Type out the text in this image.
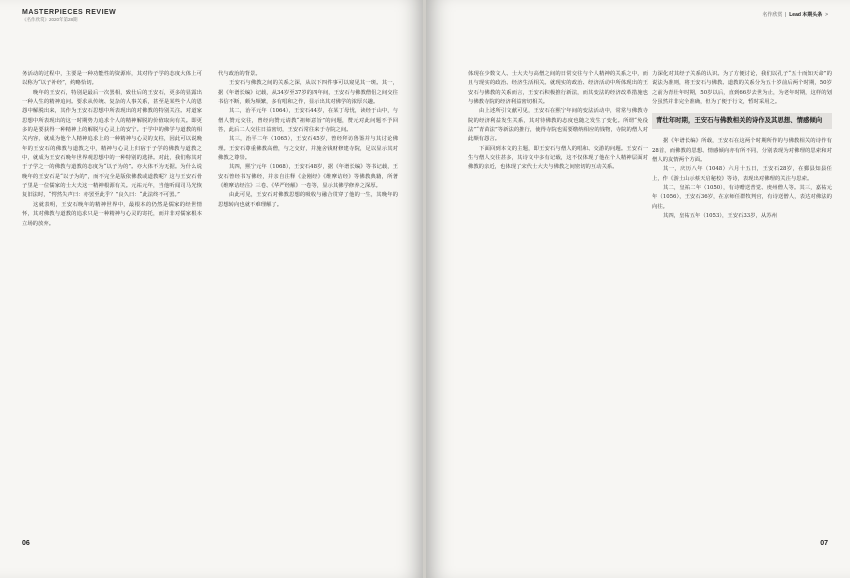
MASTERPIECES REVIEW
《名作欣赏》2020年第28期

务活动的过程中，主要是一种功能性的资源库，其对待子学的态度大体上可以称为“以子补经”，约略恰切。

晚年的王安石，特别是最后一次罢相，致仕后的王安石，更多的显露出一种人生的精神追问。要求从传统、复杂的人事关系，甚至是某些个人的恩怨中解脱出来，其作为王安石思想中所表现出的对佛教的特别关注。对道家思想中所表现出的这一时期势力追求个人的精神解脱的价值取向有关。即更多的是要获得一种精神上的解脱与心灵上的安宁。于学中的佛学与道教的相关内容，就成为他个人精神追求上的一种精神与心灵的支柱，因此可以说晚年的王安石的佛教与道教之中，精神与心灵上归宿于子学的佛教与道教之中，就成为王安石晚年世界观思想中的一种特别的选择。对此，我们称其对于子学之一的佛教与道教的态度为“以子为的”。亦大体不为无据。为什么说晚年的王安石是“以子为的”，而不完全是版依佛教或道教呢？这与王安石骨子里是一位儒家的士大夫这一精神根源有关。元祐元年，当他听闻司马光恢复旧法时，“愕然失声曰：亦罢至此乎？”良久曰：“此法终不可罢。”

这就表明，王安石晚年的精神世界中，最根本的仍然是儒家的经世情怀，其对佛教与道教的追求只是一种精神与心灵的寄托，而并非对儒家根本立场的放弃。

代与政治的背景。

王安石与佛教之间的关系之深，从以下四件事可以窥见其一斑。其一，据《年谱长编》记载，从34岁至37岁的四年间，王安石与佛教僧侣之间交往书信不断，颇为频繁，多有唱和之作，显示出其对佛学的浓厚兴趣。

其二，治平元年（1064），王安石44岁，在某丁母忧，读经于山中，与僧人赞元交往，曾经向赞元请教“祖师意旨”的问题，赞元对此问题不予回答，此后二人交往日益密切，王安石常往来于寺院之间。

其三，治平二年（1065），王安石45岁，曾经拜访鲁鉴并与其讨论佛理。王安石尊重佛教高僧，与之交好，并施舍钱财修建寺院，足以显示其对佛教之尊崇。

其四，熙宁元年（1068），王安石48岁，据《年谱长编》等书记载，王安石曾经书写佛经，并亲自注释《金刚经》《维摩诘经》等佛教典籍，所著《维摩诘经注》三卷、《华严经解》一卷等，显示其佛学修养之深厚。

由此可见，王安石对佛教思想的吸收与融合贯穿了他的一生，其晚年的思想转向也就不难理解了。

06
名作欣赏  |  Lead 本期头条  >

体现在少数文人、士大夫与高僧之间的日常交往与个人精神的关系之中，而且与现实的政治、经济生活相关。就现实的政治、经济活动中所体现出的王安石与佛教的关系而言，王安石积极推行新法，而其变法的经济改革措施也与佛教寺院的经济利益密切相关。

由上述所引文献可见，王安石在熙宁年间的变法活动中，常常与佛教寺院的经济利益发生关系，其对待佛教的态度也随之发生了变化。所谓“免役法”“青苗法”等新法的推行，使得寺院也需要缴纳相应的钱物，寺院的僧人对此颇有怨言。

下面回到本文的主题，即王安石与僧人的唱和、交游的问题。王安石一生与僧人交往甚多，其诗文中多有记载，这不仅体现了他在个人精神层面对佛教的亲近，也体现了宋代士大夫与佛教之间密切的互动关系。

力深化对其经子关系的认识。为了方便讨论，我们以孔子“五十而知天命”的说法为准则，将王安石与佛教、道教的关系分为五十岁前后两个时期，50岁之前为青壮年时期，50岁以后，直到66岁去世为止，为老年时期，这样的划分虽然并非完全准确，但为了便于行文，暂时采用之。

青壮年时期，王安石与佛教相关的诗作及其思想、情感倾向

据《年谱长编》所载，王安石在这两个时期所作的与佛教相关的诗作有28首，而佛教的思想、情感倾向亦有所不同，分别表现为对佛理的思索和对僧人的友情两个方面。

其一，庆历八年（1048）六月十五日，王安石28岁，在鄞县知县任上，作《游土山示蔡天启秘校》等诗，表现出对佛理的关注与思索。

其二，皇祐二年（1050），有诗赠送普觉、虔州僧人等。其三，嘉祐元年（1056），王安石36岁，在京师任群牧判官，有诗送僧人，表达对佛法的向往。

其四，皇祐五年（1053），王安石33岁，从苏州

07
